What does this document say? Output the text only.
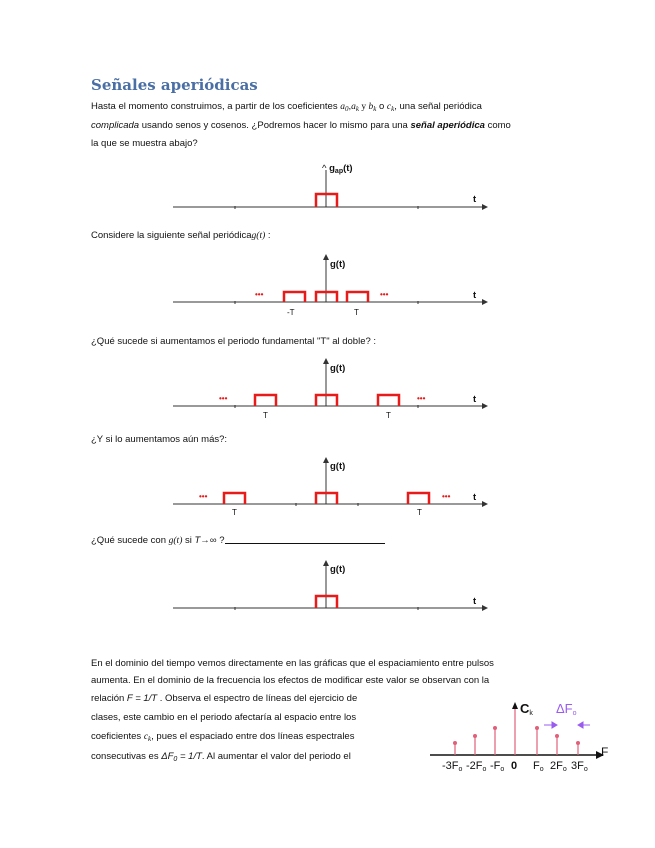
Señales aperiódicas
Hasta el momento construimos, a partir de los coeficientes $a_0,a_k$ y $b_k$ o $c_k$, una señal periódica
complicada usando senos y cosenos. ¿Podremos hacer lo mismo para una señal aperiódica como
la que se muestra abajo?
^ $g_{ap}(t)$
t
Considere la siguiente señal periódicag(t) :
g(t)
•••	•••
-T	T
t
¿Qué sucede si aumentamos el periodo fundamental "T" al doble? :
g(t)
•••	•••
T	T
t
¿Y si lo aumentamos aún más?:
g(t)
•••	•••
T	T
t
¿Qué sucede con g(t) si T→∞ ?
g(t)
t
En el dominio del tiempo vemos directamente en las gráficas que el espaciamiento entre pulsos
aumenta. En el dominio de la frecuencia los efectos de modificar este valor se observan con la
relación F = 1/T . Observa el espectro de líneas del ejercicio de
clases, este cambio en el periodo afectaría al espacio entre los
coeficientes $c_k$, pues el espaciado entre dos líneas espectrales
consecutivas es $\Delta F_0 = 1/T$. Al aumentar el valor del periodo el
$C_k$ $\Delta F_o$
F
$-3F_o$ $-2F_o$ $-F_o$ 0 $F_o$ $2F_o$ $3F_o$
